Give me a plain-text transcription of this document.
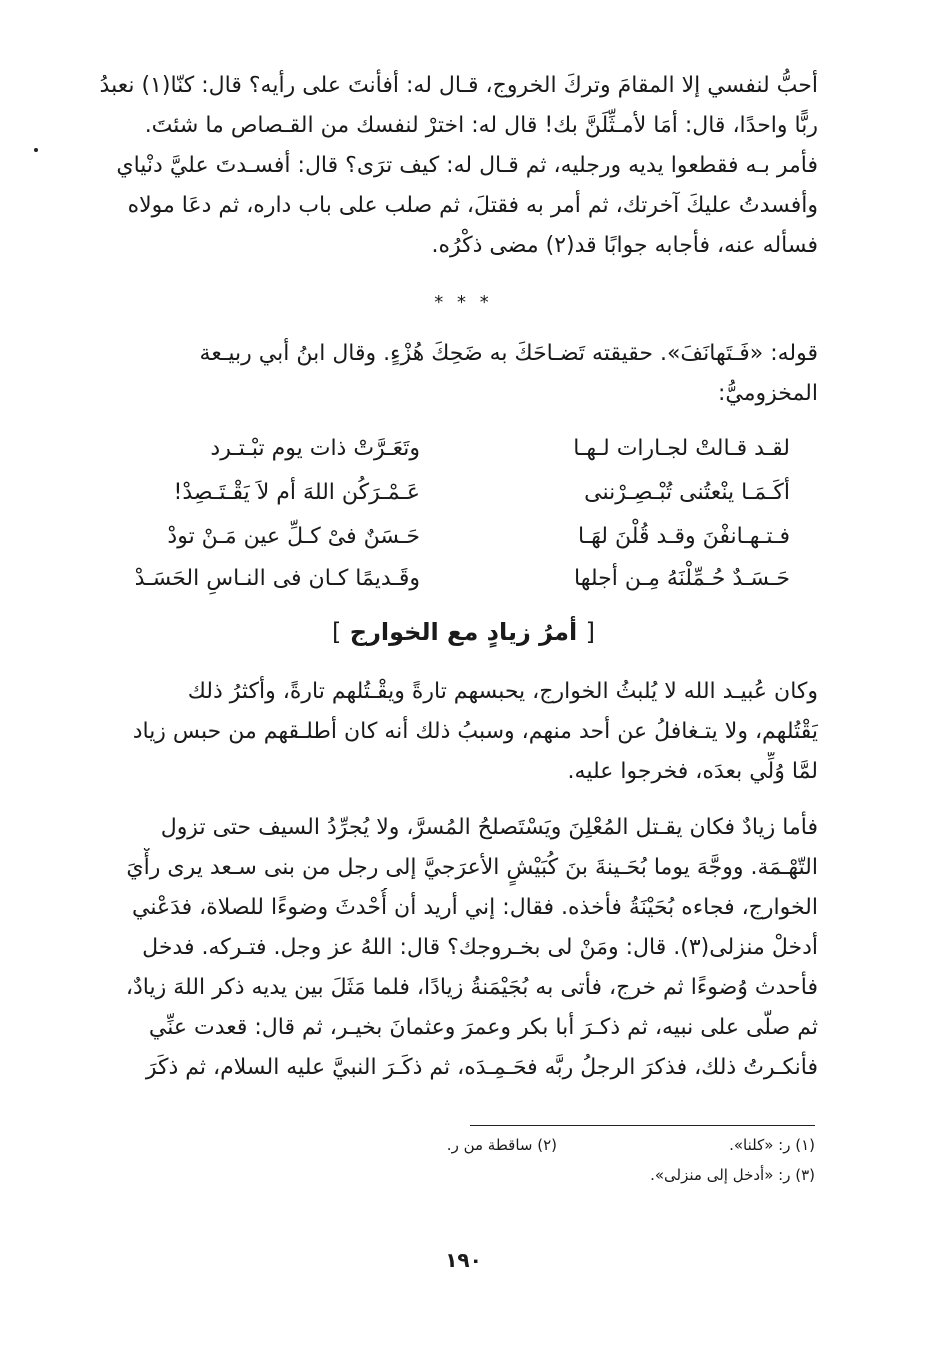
أحبُّ لنفسي إلا المقامَ وتركَ الخروج، قـال له: أفأنتَ على رأيه؟ قال: كنّا(١) نعبدُ
ربًّا واحدًا، قال: أمَا لأمـثِّلَنَّ بك! قال له: اخترْ لنفسك من القـصاص ما شئتَ.
فأمر بـه فقطعوا يديه ورجليه، ثم قـال له: كيف ترَى؟ قال: أفسـدتَ عليَّ دنْياي
وأفسدتُ عليكَ آخرتك، ثم أمر به فقتلَ، ثم صلب على باب داره، ثم دعَا مولاه
فسأله عنه، فأجابه جوابًا قد(٢) مضى ذكْرُه.

* * *

قوله: «فَـتَهانَفَ». حقيقته تَضـاحَكَ به ضَحِكَ هُزْءٍ. وقال ابنُ أبي ربيـعة
المخزوميُّ:

لقـد قـالتْ لجـارات لـهـا
وتَعَـرَّتْ ذات يوم تبْـتـرد
أكَـمَـا ينْعتُنى تُبْـصِـرْننى
عَـمْـرَكُن اللهَ أم لاَ يَقْـتَـصِدْ!
فـتـهـانفْنَ وقـد قُلْنَ لهَـا
حَـسَنٌ فىْ كـلِّ عين مَـنْ تودْ
حَـسَـدٌ حُـمِّلْنَهُ مِـن أجلها
وقَـديمًا كـان فى النـاسِ الحَسَـدْ
[ أمرُ زيادٍ مع الخوارج ]

وكان عُبيـد الله لا يُلبثُ الخوارج، يحبسهم تارةً ويقْـتُلهم تارةً، وأكثرُ ذلك
يَقْتُلهم، ولا يتـغافلُ عن أحد منهم، وسببُ ذلك أنه كان أطلـقهم من حبس زياد
لمَّا وُلِّي بعدَه، فخرجوا عليه.

فأما زيادٌ فكان يقـتل المُعْلِنَ ويَسْتَصلحُ المُسرَّ، ولا يُجرِّدُ السيف حتى تزول
التّهْـمَة. ووجَّهَ يوما بُحَـينةَ بنَ كُبَيْشٍ الأعرَجيَّ إلى رجل من بنى سـعد يرى رأْيَ
الخوارج، فجاءه بُحَيْنَةُ فأخذه. فقال: إني أريد أن أُحْدثَ وضوءًا للصلاة، فدَعْني
أدخلْ منزلى(٣). قال: ومَنْ لى بخـروجك؟ قال: اللهُ عز وجل. فتـركه. فدخل
فأحدث وُضوءًا ثم خرج، فأتى به بُجَيْمَنةُ زيادًا، فلما مَثَلَ بين يديه ذكر اللهَ زيادٌ،
ثم صلّى على نبيه، ثم ذكـرَ أبا بكر وعمرَ وعثمانَ بخيـر، ثم قال: قعدت عنِّي
فأنكـرتُ ذلك، فذكرَ الرجلُ ربَّه فحَـمِـدَه، ثم ذكَـرَ النبيَّ عليه السلام، ثم ذكَرَ

(١) ر: «كلنا».
(٢) ساقطة من ر.
(٣) ر: «أدخل إلى منزلى».
١٩٠
